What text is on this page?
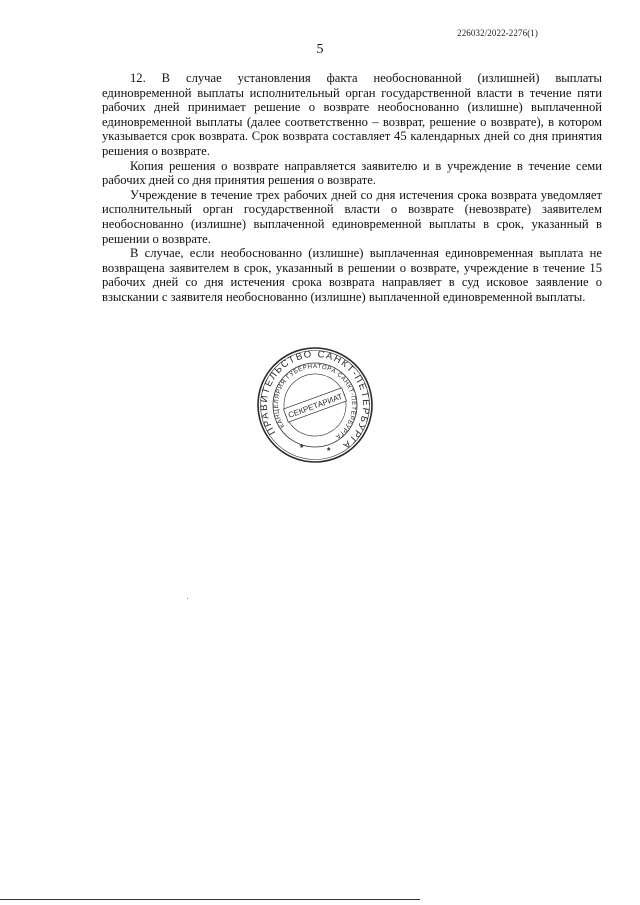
226032/2022-2276(1)
5

12. В случае установления факта необоснованной (излишней) выплаты единовременной выплаты исполнительный орган государственной власти в течение пяти рабочих дней принимает решение о возврате необоснованно (излишне) выплаченной единовременной выплаты (далее соответственно – возврат, решение о возврате), в котором указывается срок возврата. Срок возврата составляет 45 календарных дней со дня принятия решения о возврате.

Копия решения о возврате направляется заявителю и в учреждение в течение семи рабочих дней со дня принятия решения о возврате.

Учреждение в течение трех рабочих дней со дня истечения срока возврата уведомляет исполнительный орган государственной власти о возврате (невозврате) заявителем необоснованно (излишне) выплаченной единовременной выплаты в срок, указанный в решении о возврате.

В случае, если необоснованно (излишне) выплаченная единовременная выплата не возвращена заявителем в срок, указанный в решении о возврате, учреждение в течение 15 рабочих дней со дня истечения срока возврата направляет в суд исковое заявление о взыскании с заявителя необоснованно (излишне) выплаченной единовременной выплаты.

ПРАВИТЕЛЬСТВО САНКТ-ПЕТЕРБУРГА
КАНЦЕЛЯРИЯ ГУБЕРНАТОРА САНКТ-ПЕТЕРБУРГА
СЕКРЕТАРИАТ
★	★
